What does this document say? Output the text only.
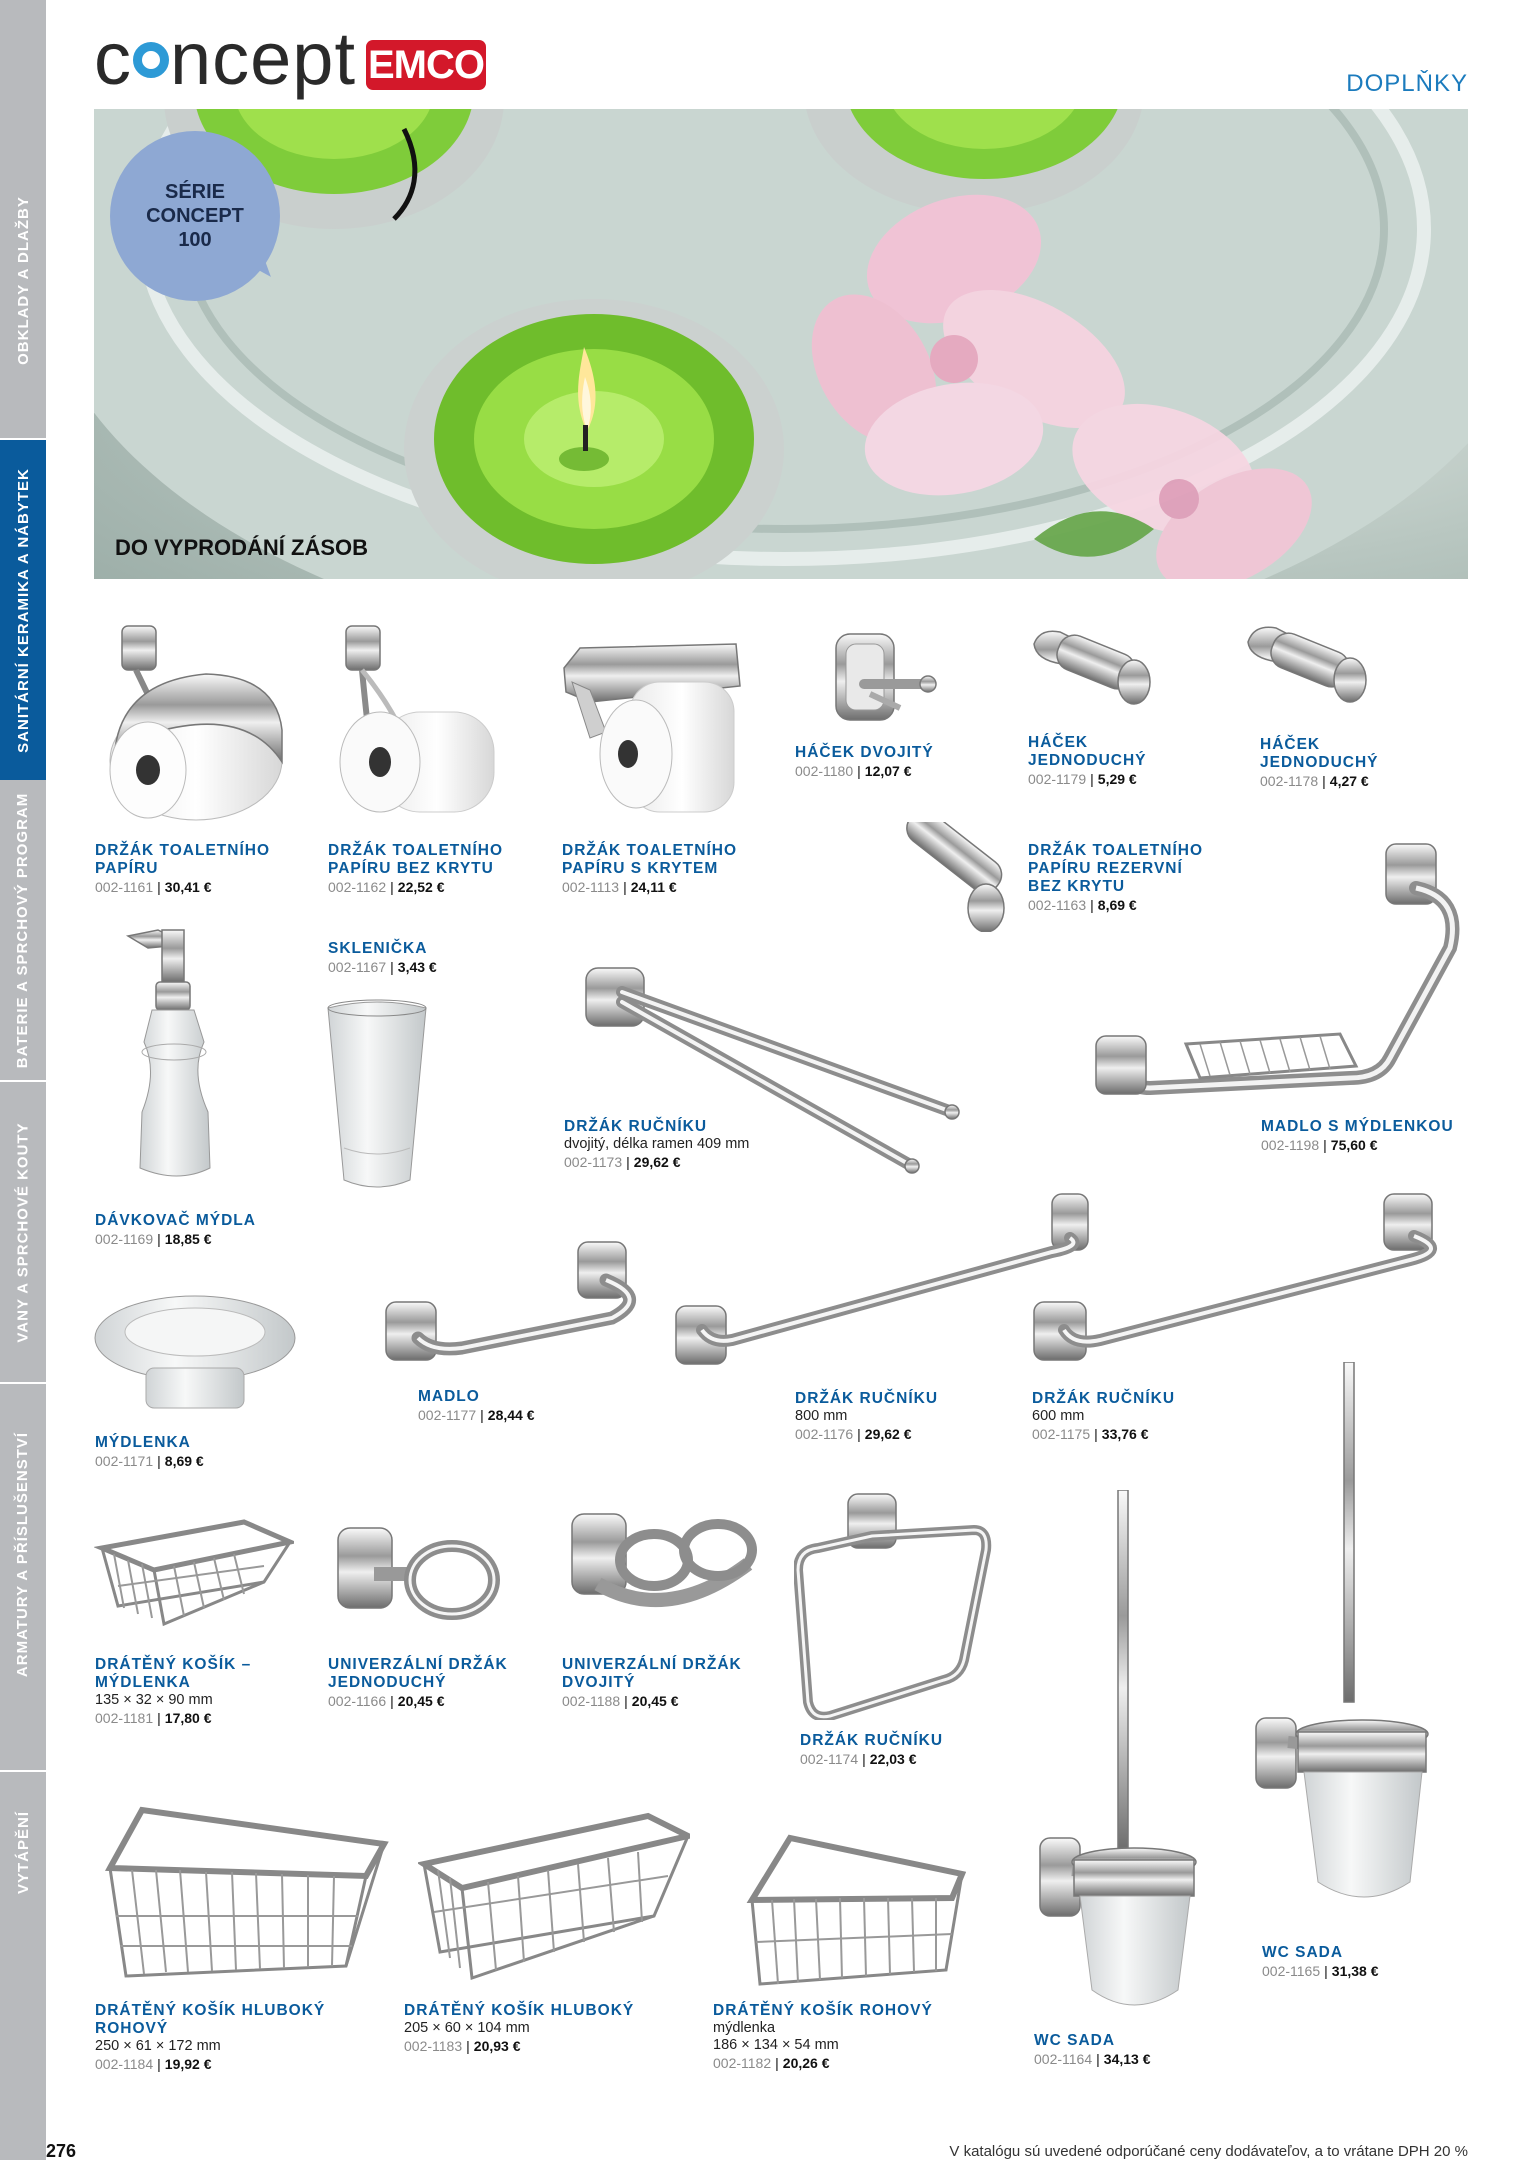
OBKLADY A DLAŽBY
SANITÁRNÍ KERAMIKA A NÁBYTEK
BATERIE A SPRCHOVÝ PROGRAM
VANY A SPRCHOVÉ KOUTY
ARMATURY A PŘÍSLUŠENSTVÍ
VYTÁPĚNÍ
c ncept EMCO	DOPLŇKY
SÉRIE
CONCEPT
100
DO VYPRODÁNÍ ZÁSOB
DRŽÁK TOALETNÍHO PAPÍRU
002-1161 | 30,41 €
DRŽÁK TOALETNÍHO PAPÍRU BEZ KRYTU
002-1162 | 22,52 €
DRŽÁK TOALETNÍHO PAPÍRU S KRYTEM
002-1113 | 24,11 €
HÁČEK DVOJITÝ
002-1180 | 12,07 €
HÁČEK JEDNODUCHÝ
002-1179 | 5,29 €
HÁČEK JEDNODUCHÝ
002-1178 | 4,27 €
DRŽÁK TOALETNÍHO PAPÍRU REZERVNÍ BEZ KRYTU
002-1163 | 8,69 €
SKLENIČKA
002-1167 | 3,43 €
DRŽÁK RUČNÍKU
dvojitý, délka ramen 409 mm
002-1173 | 29,62 €
MADLO S MÝDLENKOU
002-1198 | 75,60 €
DÁVKOVAČ MÝDLA
002-1169 | 18,85 €
MADLO
002-1177 | 28,44 €
DRŽÁK RUČNÍKU
800 mm
002-1176 | 29,62 €
DRŽÁK RUČNÍKU
600 mm
002-1175 | 33,76 €
MÝDLENKA
002-1171 | 8,69 €
DRÁTĚNÝ KOŠÍK – MÝDLENKA
135 × 32 × 90 mm
002-1181 | 17,80 €
UNIVERZÁLNÍ DRŽÁK JEDNODUCHÝ
002-1166 | 20,45 €
UNIVERZÁLNÍ DRŽÁK DVOJITÝ
002-1188 | 20,45 €
DRŽÁK RUČNÍKU
002-1174 | 22,03 €
WC SADA
002-1165 | 31,38 €
DRÁTĚNÝ KOŠÍK HLUBOKÝ ROHOVÝ
250 × 61 × 172 mm
002-1184 | 19,92 €
DRÁTĚNÝ KOŠÍK HLUBOKÝ
205 × 60 × 104 mm
002-1183 | 20,93 €
DRÁTĚNÝ KOŠÍK ROHOVÝ
mýdlenka
186 × 134 × 54 mm
002-1182 | 20,26 €
WC SADA
002-1164 | 34,13 €
276	V katalógu sú uvedené odporúčané ceny dodávateľov, a to vrátane DPH 20 %
